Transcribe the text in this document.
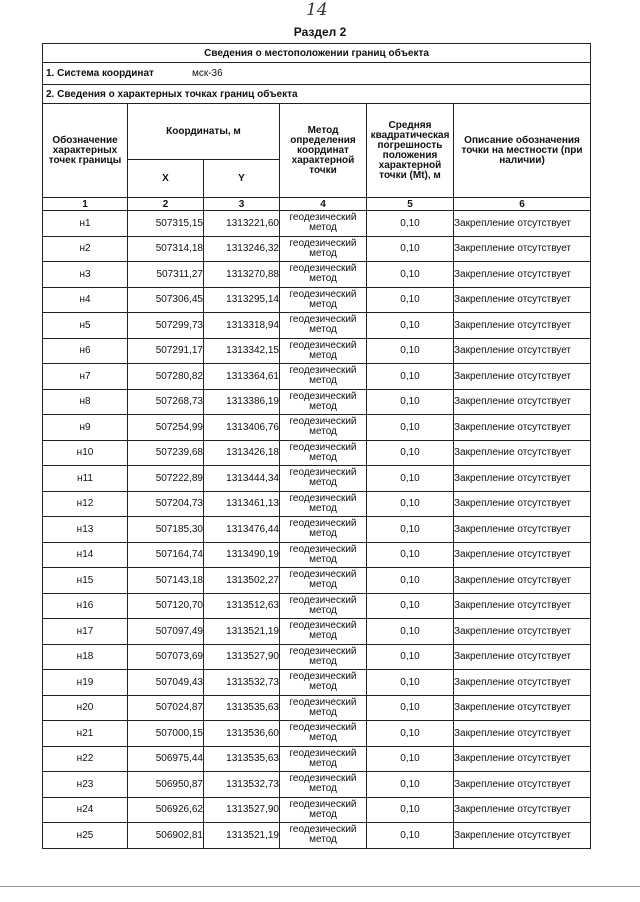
14
Раздел 2
Сведения о местоположении границ объекта					
1. Система координат мск-36					
2. Сведения о характерных точках границ объекта					
Обозначение характерных точек границы	Координаты, м		Метод определения координат характерной точки	Средняя квадратическая погрешность положения характерной точки (Mt), м	Описание обозначения точки на местности (при наличии)
	X	Y			
1	2	3	4	5	6
н1	507315,15	1313221,60	геодезический метод	0,10	Закрепление отсутствует
н2	507314,18	1313246,32	геодезический метод	0,10	Закрепление отсутствует
н3	507311,27	1313270,88	геодезический метод	0,10	Закрепление отсутствует
н4	507306,45	1313295,14	геодезический метод	0,10	Закрепление отсутствует
н5	507299,73	1313318,94	геодезический метод	0,10	Закрепление отсутствует
н6	507291,17	1313342,15	геодезический метод	0,10	Закрепление отсутствует
н7	507280,82	1313364,61	геодезический метод	0,10	Закрепление отсутствует
н8	507268,73	1313386,19	геодезический метод	0,10	Закрепление отсутствует
н9	507254,99	1313406,76	геодезический метод	0,10	Закрепление отсутствует
н10	507239,68	1313426,18	геодезический метод	0,10	Закрепление отсутствует
н11	507222,89	1313444,34	геодезический метод	0,10	Закрепление отсутствует
н12	507204,73	1313461,13	геодезический метод	0,10	Закрепление отсутствует
н13	507185,30	1313476,44	геодезический метод	0,10	Закрепление отсутствует
н14	507164,74	1313490,19	геодезический метод	0,10	Закрепление отсутствует
н15	507143,18	1313502,27	геодезический метод	0,10	Закрепление отсутствует
н16	507120,70	1313512,63	геодезический метод	0,10	Закрепление отсутствует
н17	507097,49	1313521,19	геодезический метод	0,10	Закрепление отсутствует
н18	507073,69	1313527,90	геодезический метод	0,10	Закрепление отсутствует
н19	507049,43	1313532,73	геодезический метод	0,10	Закрепление отсутствует
н20	507024,87	1313535,63	геодезический метод	0,10	Закрепление отсутствует
н21	507000,15	1313536,60	геодезический метод	0,10	Закрепление отсутствует
н22	506975,44	1313535,63	геодезический метод	0,10	Закрепление отсутствует
н23	506950,87	1313532,73	геодезический метод	0,10	Закрепление отсутствует
н24	506926,62	1313527,90	геодезический метод	0,10	Закрепление отсутствует
н25	506902,81	1313521,19	геодезический метод	0,10	Закрепление отсутствует
